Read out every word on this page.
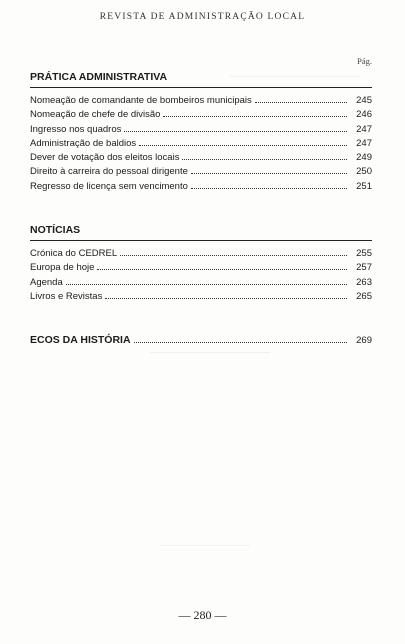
REVISTA DE ADMINISTRAÇÃO LOCAL
Pág.
PRÁTICA ADMINISTRATIVA
Nomeação de comandante de bombeiros municipais	245
Nomeação de chefe de divisão	246
Ingresso nos quadros	247
Administração de baldios	247
Dever de votação dos eleitos locais	249
Direito à carreira do pessoal dirigente	250
Regresso de licença sem vencimento	251
NOTÍCIAS
Crónica do CEDREL	255
Europa de hoje	257
Agenda	263
Livros e Revistas	265
ECOS DA HISTÓRIA	269
— 280 —
